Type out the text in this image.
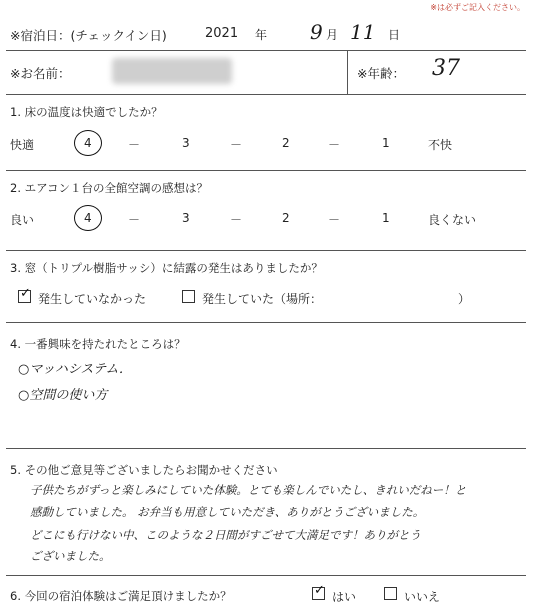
※は必ずご記入ください。
※宿泊日：(チェックイン日)	2021 年 9 月 11 日
※お名前：	※年齢： 37
1. 床の温度は快適でしたか？
快適	4	－	3	－	2	－	1	不快
2. エアコン１台の全館空調の感想は？
良い	4	－	3	－	2	－	1	良くない
3. 窓（トリプル樹脂サッシ）に結露の発生はありましたか？
✓ 発生していなかった	発生していた（場所：	）
4. 一番興味を持たれたところは？
○マッハシステム．
○空間の使い方
5. その他ご意見等ございましたらお聞かせください
子供たちがずっと楽しみにしていた体験。とても楽しんでいたし、きれいだねー！と
感動していました。 お弁当も用意していただき、ありがとうございました。
どこにも行けない中、このような２日間がすごせて大満足です！ありがとう
ございました。
6. 今回の宿泊体験はご満足頂けましたか？	✓ はい	いいえ
